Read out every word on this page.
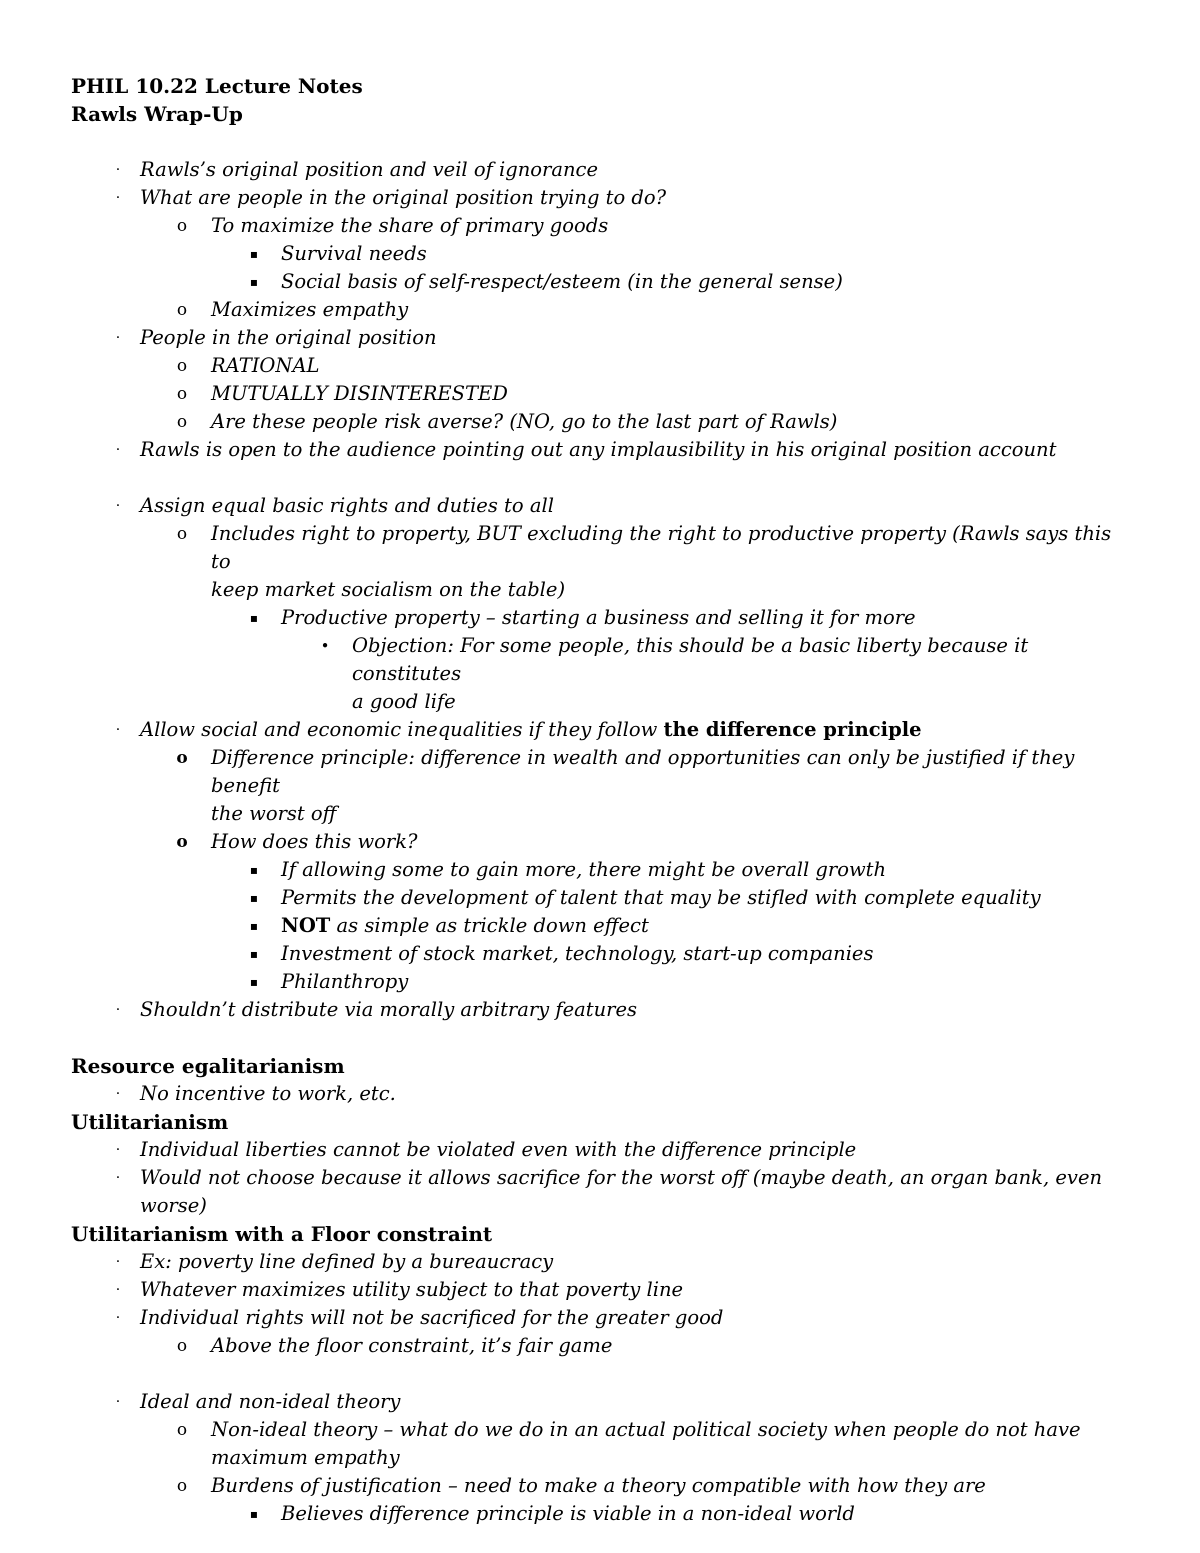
PHIL 10.22 Lecture Notes

Rawls Wrap-Up

· Rawls’s original position and veil of ignorance
· What are people in the original position trying to do?
o To maximize the share of primary goods
▪ Survival needs
▪ Social basis of self-respect/esteem (in the general sense)
o Maximizes empathy
· People in the original position
o RATIONAL
o MUTUALLY DISINTERESTED
o Are these people risk averse? (NO, go to the last part of Rawls)
· Rawls is open to the audience pointing out any implausibility in his original position account
· Assign equal basic rights and duties to all
o Includes right to property, BUT excluding the right to productive property (Rawls says this to
keep market socialism on the table)
▪ Productive property – starting a business and selling it for more
• Objection: For some people, this should be a basic liberty because it constitutes
a good life
· Allow social and economic inequalities if they follow the difference principle
o Difference principle: difference in wealth and opportunities can only be justified if they benefit
the worst off
o How does this work?
▪ If allowing some to gain more, there might be overall growth
▪ Permits the development of talent that may be stifled with complete equality
▪ NOT as simple as trickle down effect
▪ Investment of stock market, technology, start-up companies
▪ Philanthropy
· Shouldn’t distribute via morally arbitrary features

Resource egalitarianism

· No incentive to work, etc.

Utilitarianism

· Individual liberties cannot be violated even with the difference principle
· Would not choose because it allows sacrifice for the worst off (maybe death, an organ bank, even
worse)

Utilitarianism with a Floor constraint

· Ex: poverty line defined by a bureaucracy
· Whatever maximizes utility subject to that poverty line
· Individual rights will not be sacrificed for the greater good
o Above the floor constraint, it’s fair game
· Ideal and non-ideal theory
o Non-ideal theory – what do we do in an actual political society when people do not have
maximum empathy
o Burdens of justification – need to make a theory compatible with how they are
▪ Believes difference principle is viable in a non-ideal world
